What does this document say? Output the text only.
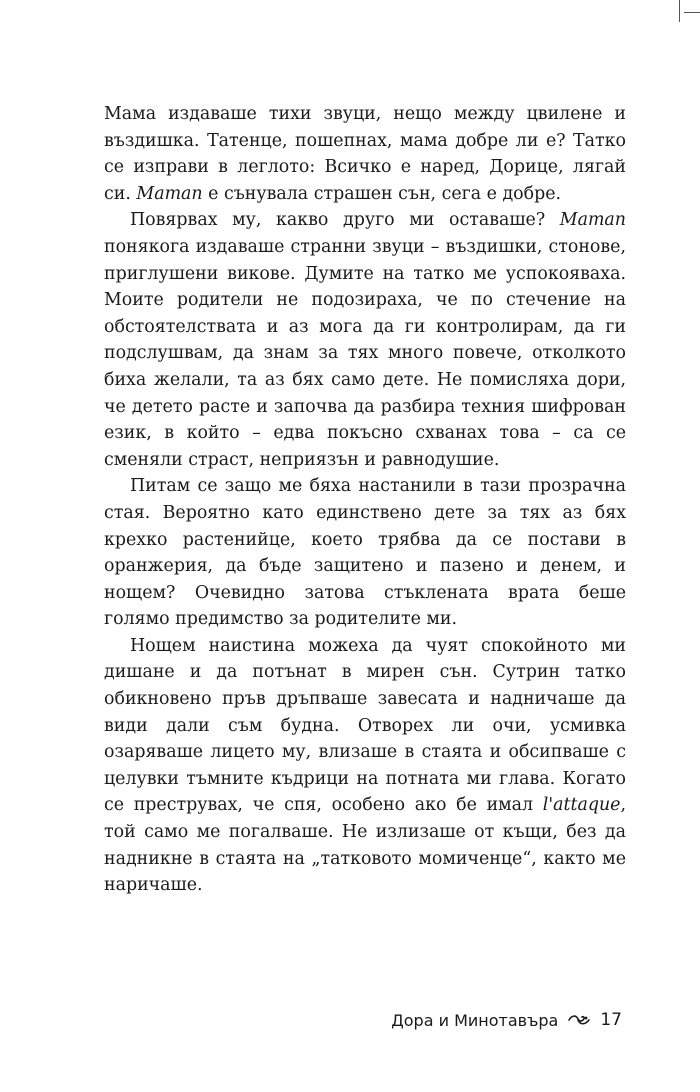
Мама издаваше тихи звуци, нещо между цвилене и въздишка. Татенце, пошепнах, мама добре ли е? Татко се изправи в леглото: Всичко е наред, Дорице, лягай си. Maman е сънувала страшен сън, сега е добре.

Повярвах му, какво друго ми оставаше? Maman понякога издаваше странни звуци – въздишки, стонове, приглушени викове. Думите на татко ме успокояваха. Моите родители не подозираха, че по стечение на обстоятелствата и аз мога да ги контролирам, да ги подслушвам, да знам за тях много повече, отколкото биха желали, та аз бях само дете. Не помисляха дори, че детето расте и започва да разбира техния шифрован език, в който – едва покъсно схванах това – са се сменяли страст, неприязън и равнодушие.

Питам се защо ме бяха настанили в тази прозрачна стая. Вероятно като единствено дете за тях аз бях крехко растенийце, което трябва да се постави в оранжерия, да бъде защитено и пазено и денем, и нощем? Очевидно затова стъклената врата беше голямо предимство за родителите ми.

Нощем наистина можеха да чуят спокойното ми дишане и да потънат в мирен сън. Сутрин татко обикновено пръв дръпваше завесата и надничаше да види дали съм будна. Отворех ли очи, усмивка озаряваше лицето му, влизаше в стаята и обсипваше с целувки тъмните къдрици на потната ми глава. Когато се преструвах, че спя, особено ако бе имал l'attaque, той само ме погалваше. Не излизаше от къщи, без да надникне в стаята на „татковото момиченце“, както ме наричаше.

Дора и Минотавъра 17
